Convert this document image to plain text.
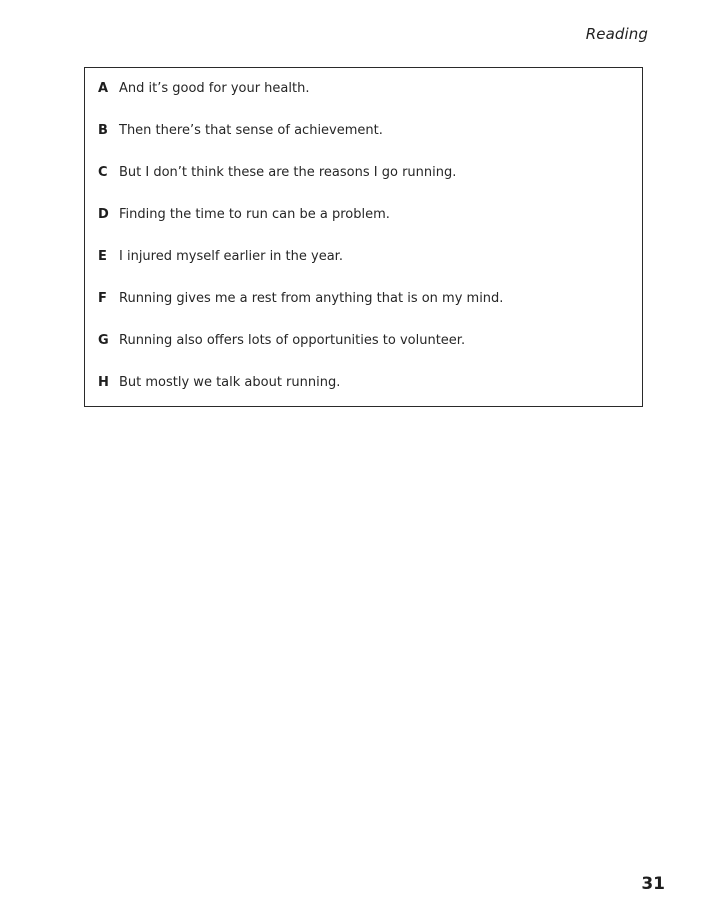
Reading
A And it’s good for your health.
B Then there’s that sense of achievement.
C But I don’t think these are the reasons I go running.
D Finding the time to run can be a problem.
E I injured myself earlier in the year.
F Running gives me a rest from anything that is on my mind.
G Running also offers lots of opportunities to volunteer.
H But mostly we talk about running.
31
